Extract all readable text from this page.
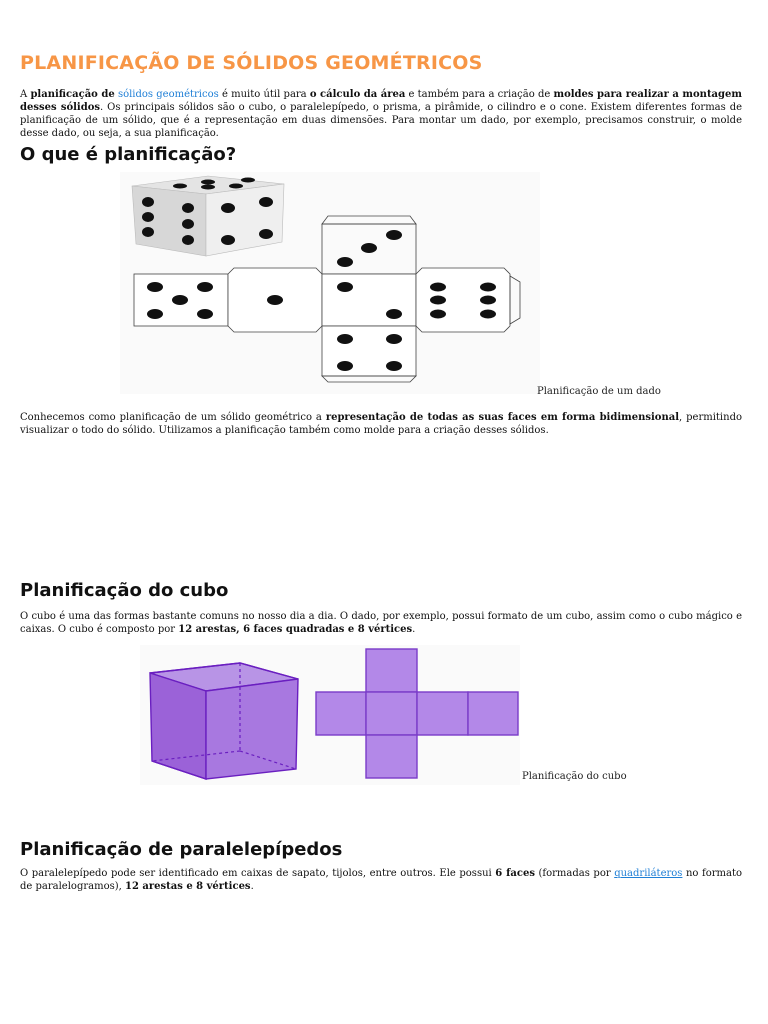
PLANIFICAÇÃO DE SÓLIDOS GEOMÉTRICOS

A planificação de sólidos geométricos é muito útil para o cálculo da área e também para a criação de moldes para realizar a montagem desses sólidos. Os principais sólidos são o cubo, o paralelepípedo, o prisma, a pirâmide, o cilindro e o cone. Existem diferentes formas de planificação de um sólido, que é a representação em duas dimensões. Para montar um dado, por exemplo, precisamos construir, o molde desse dado, ou seja, a sua planificação.

O que é planificação?
Planificação de um dado

Conhecemos como planificação de um sólido geométrico a representação de todas as suas faces em forma bidimensional, permitindo visualizar o todo do sólido. Utilizamos a planificação também como molde para a criação desses sólidos.

Planificação do cubo

O cubo é uma das formas bastante comuns no nosso dia a dia. O dado, por exemplo, possui formato de um cubo, assim como o cubo mágico e caixas. O cubo é composto por 12 arestas, 6 faces quadradas e 8 vértices.

Planificação do cubo
Planificação de paralelepípedos

O paralelepípedo pode ser identificado em caixas de sapato, tijolos, entre outros. Ele possui 6 faces (formadas por quadriláteros no formato de paralelogramos), 12 arestas e 8 vértices.
